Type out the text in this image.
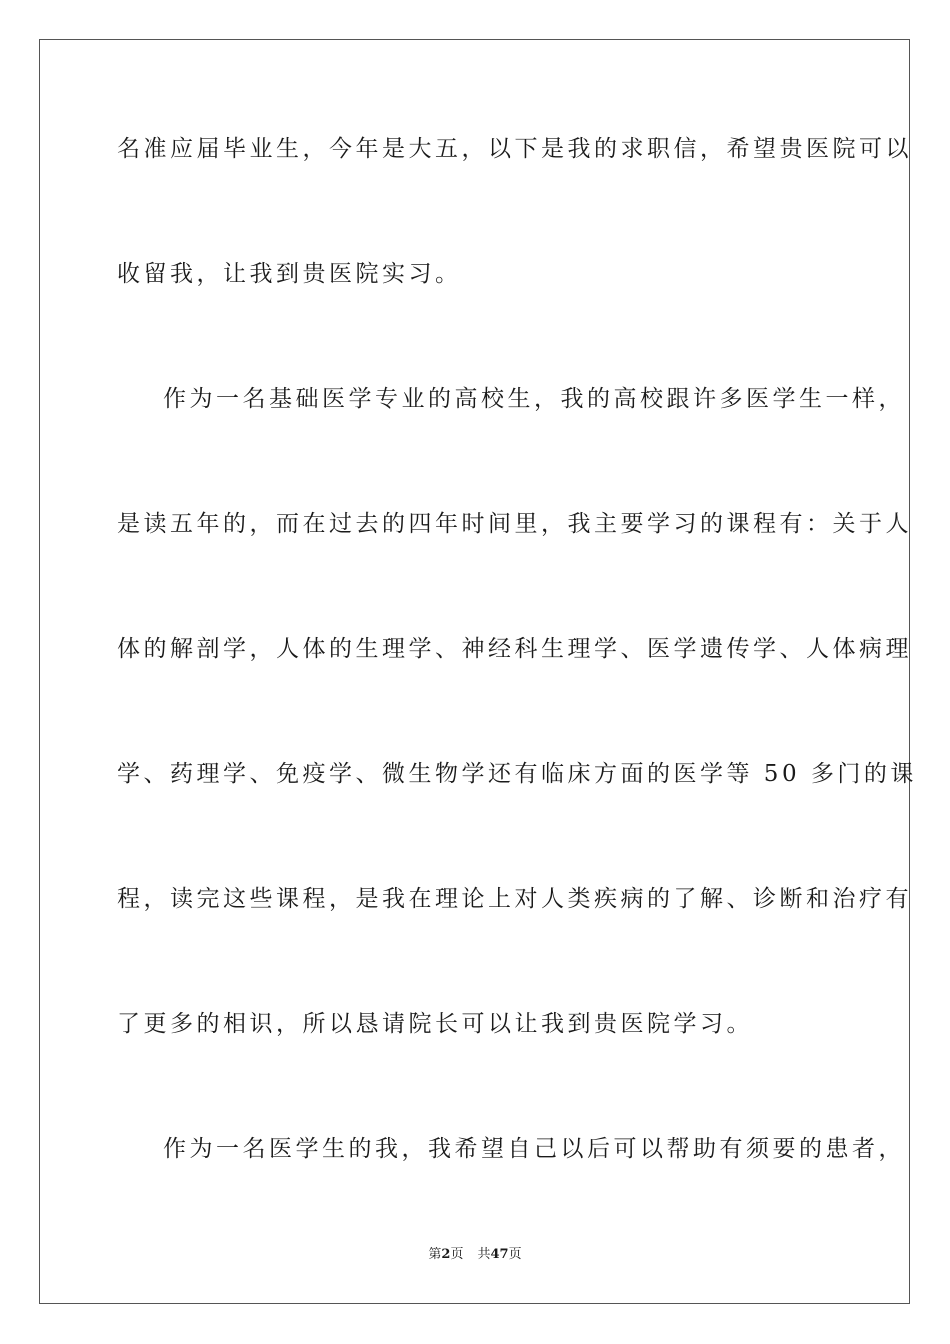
名准应届毕业生，今年是大五，以下是我的求职信，希望贵医院可以
收留我，让我到贵医院实习。
作为一名基础医学专业的高校生，我的高校跟许多医学生一样，
是读五年的，而在过去的四年时间里，我主要学习的课程有：关于人
体的解剖学，人体的生理学、神经科生理学、医学遗传学、人体病理
学、药理学、免疫学、微生物学还有临床方面的医学等 50 多门的课
程，读完这些课程，是我在理论上对人类疾病的了解、诊断和治疗有
了更多的相识，所以恳请院长可以让我到贵医院学习。
作为一名医学生的我，我希望自己以后可以帮助有须要的患者，
第2页 共47页
